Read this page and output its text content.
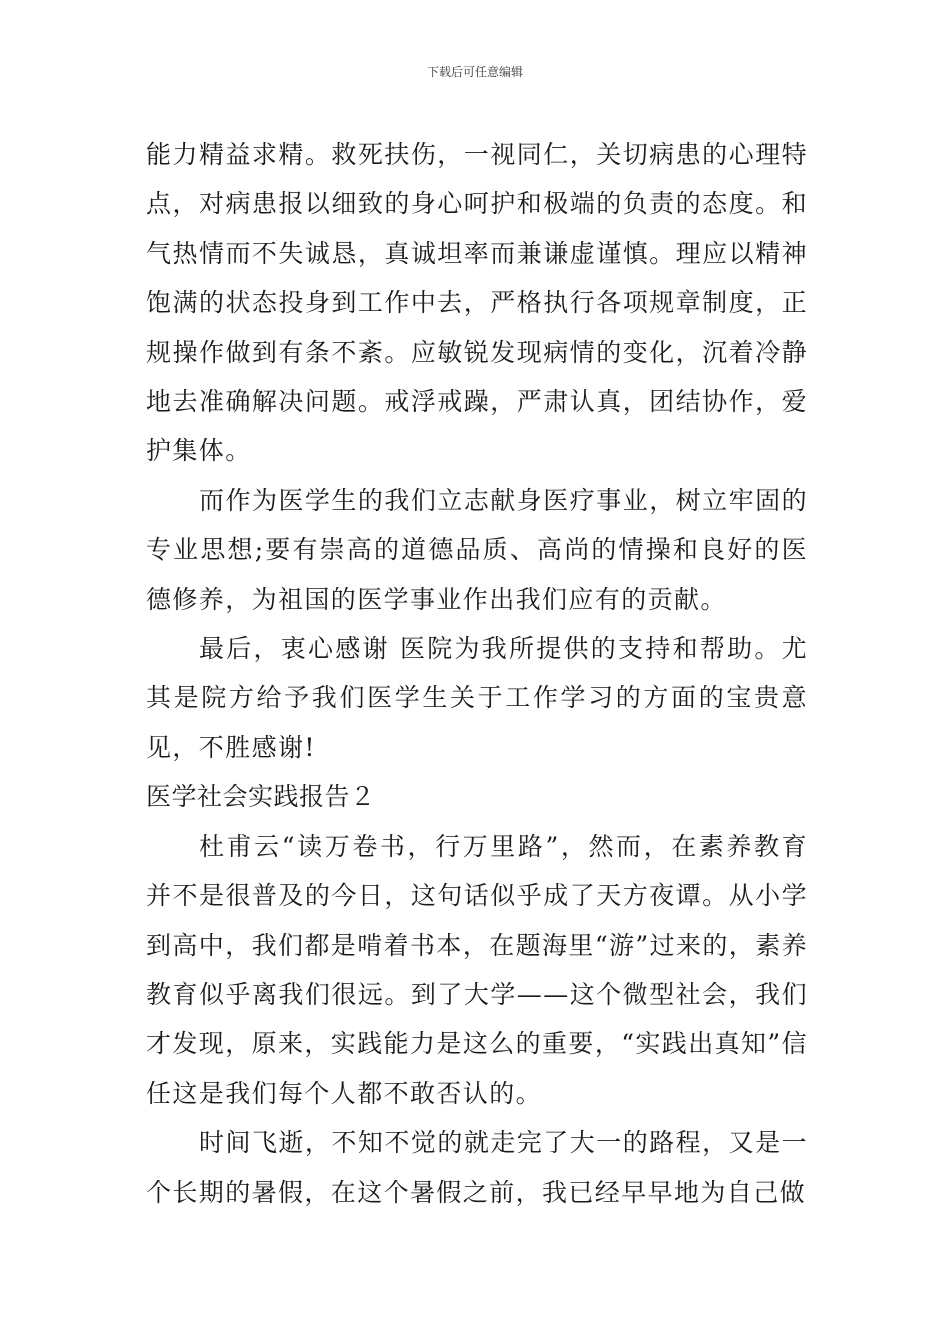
下载后可任意编辑

能力精益求精。救死扶伤，一视同仁，关切病患的心理特点，对病患报以细致的身心呵护和极端的负责的态度。和气热情而不失诚恳，真诚坦率而兼谦虚谨慎。理应以精神饱满的状态投身到工作中去，严格执行各项规章制度，正规操作做到有条不紊。应敏锐发现病情的变化，沉着冷静地去准确解决问题。戒浮戒躁，严肃认真，团结协作，爱护集体。

而作为医学生的我们立志献身医疗事业，树立牢固的专业思想;要有崇高的道德品质、高尚的情操和良好的医德修养，为祖国的医学事业作出我们应有的贡献。

最后，衷心感谢 医院为我所提供的支持和帮助。尤其是院方给予我们医学生关于工作学习的方面的宝贵意见，不胜感谢!

医学社会实践报告２

杜甫云“读万卷书，行万里路”，然而，在素养教育并不是很普及的今日，这句话似乎成了天方夜谭。从小学到高中，我们都是啃着书本，在题海里“游”过来的，素养教育似乎离我们很远。到了大学——这个微型社会，我们才发现，原来，实践能力是这么的重要，“实践出真知”信任这是我们每个人都不敢否认的。

时间飞逝，不知不觉的就走完了大一的路程，又是一个长期的暑假，在这个暑假之前，我已经早早地为自己做
